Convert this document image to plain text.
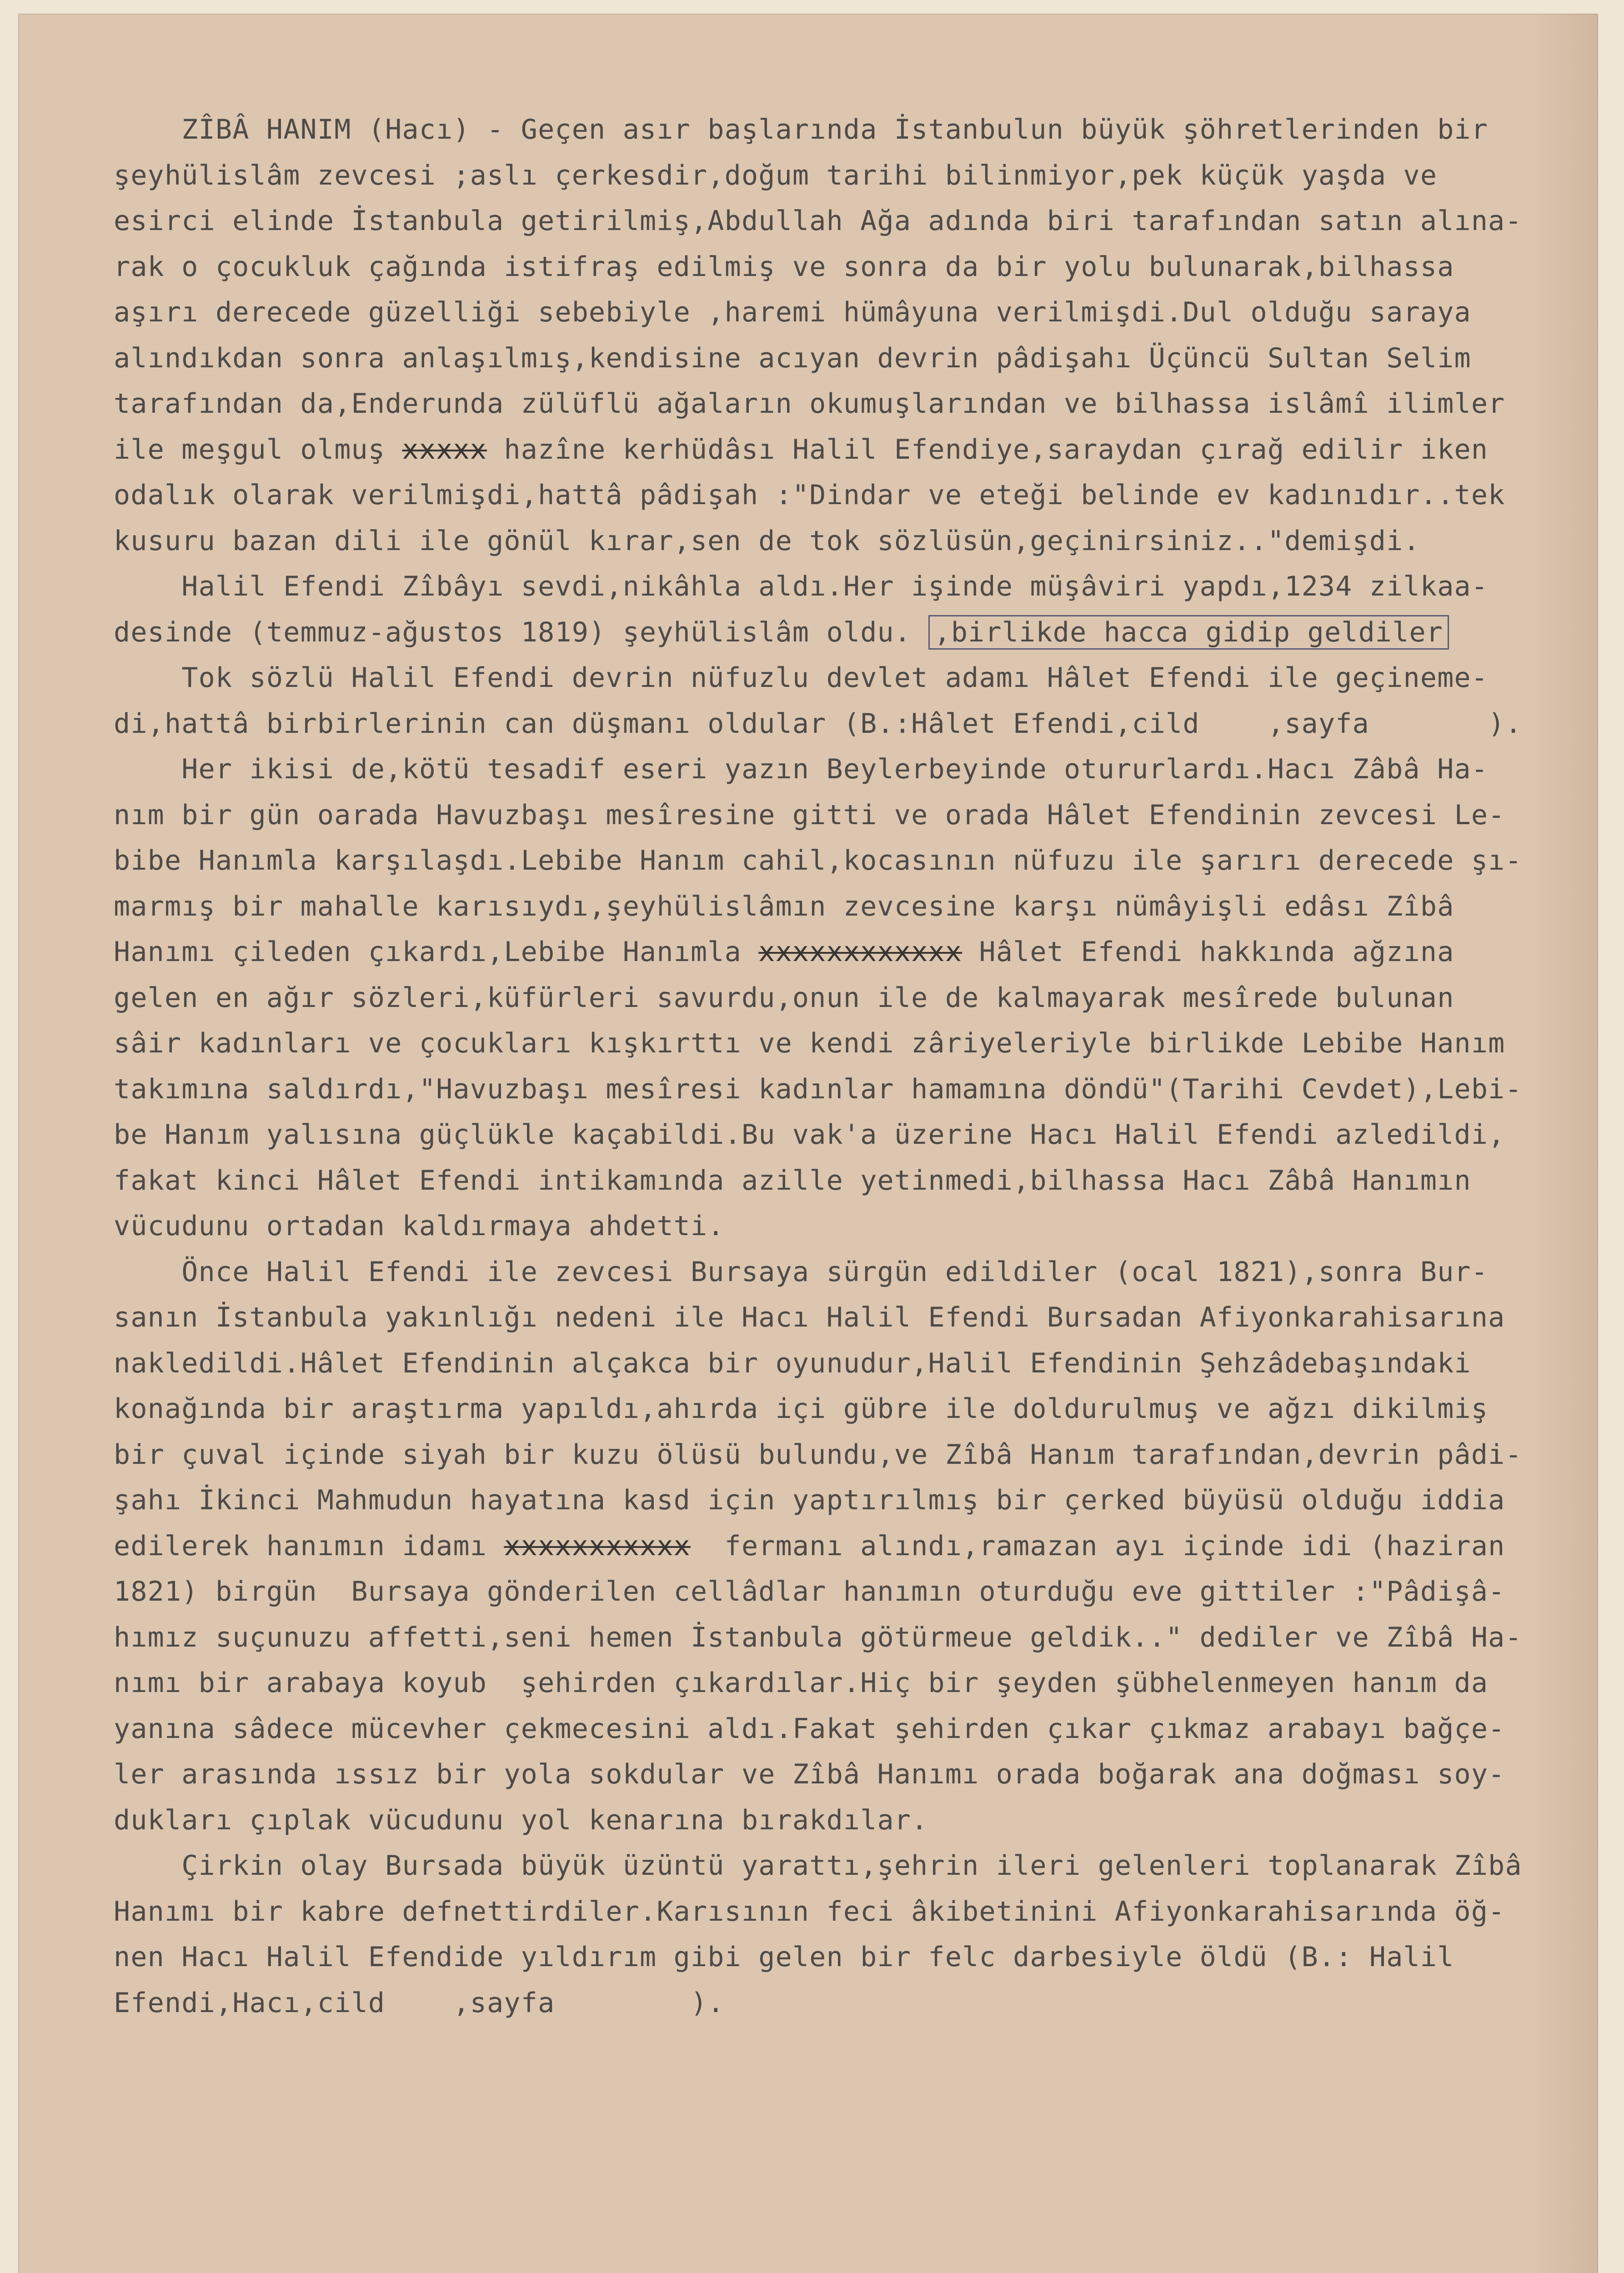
ZÎBÂ HANIM (Hacı) - Geçen asır başlarında İstanbulun büyük şöhretlerinden bir
şeyhülislâm zevcesi ;aslı çerkesdir,doğum tarihi bilinmiyor,pek küçük yaşda ve
esirci elinde İstanbula getirilmiş,Abdullah Ağa adında biri tarafından satın alına-
rak o çocukluk çağında istifraş edilmiş ve sonra da bir yolu bulunarak,bilhassa
aşırı derecede güzelliği sebebiyle ,haremi hümâyuna verilmişdi.Dul olduğu saraya
alındıkdan sonra anlaşılmış,kendisine acıyan devrin pâdişahı Üçüncü Sultan Selim
tarafından da,Enderunda zülüflü ağaların okumuşlarından ve bilhassa islâmî ilimler
ile meşgul olmuş xxxxx hazîne kerhüdâsı Halil Efendiye,saraydan çırağ edilir iken
odalık olarak verilmişdi,hattâ pâdişah :"Dindar ve eteği belinde ev kadınıdır..tek
kusuru bazan dili ile gönül kırar,sen de tok sözlüsün,geçinirsiniz.."demişdi.
Halil Efendi Zîbâyı sevdi,nikâhla aldı.Her işinde müşâviri yapdı,1234 zilkaa-
desinde (temmuz-ağustos 1819) şeyhülislâm oldu. ,birlikde hacca gidip geldiler
Tok sözlü Halil Efendi devrin nüfuzlu devlet adamı Hâlet Efendi ile geçineme-
di,hattâ birbirlerinin can düşmanı oldular (B.:Hâlet Efendi,cild    ,sayfa       ).
Her ikisi de,kötü tesadif eseri yazın Beylerbeyinde otururlardı.Hacı Zâbâ Ha-
nım bir gün oarada Havuzbaşı mesîresine gitti ve orada Hâlet Efendinin zevcesi Le-
bibe Hanımla karşılaşdı.Lebibe Hanım cahil,kocasının nüfuzu ile şarırı derecede şı-
marmış bir mahalle karısıydı,şeyhülislâmın zevcesine karşı nümâyişli edâsı Zîbâ
Hanımı çileden çıkardı,Lebibe Hanımla xxxxxxxxxxxx Hâlet Efendi hakkında ağzına
gelen en ağır sözleri,küfürleri savurdu,onun ile de kalmayarak mesîrede bulunan
sâir kadınları ve çocukları kışkırttı ve kendi zâriyeleriyle birlikde Lebibe Hanım
takımına saldırdı,"Havuzbaşı mesîresi kadınlar hamamına döndü"(Tarihi Cevdet),Lebi-
be Hanım yalısına güçlükle kaçabildi.Bu vak'a üzerine Hacı Halil Efendi azledildi,
fakat kinci Hâlet Efendi intikamında azille yetinmedi,bilhassa Hacı Zâbâ Hanımın
vücudunu ortadan kaldırmaya ahdetti.
Önce Halil Efendi ile zevcesi Bursaya sürgün edildiler (ocal 1821),sonra Bur-
sanın İstanbula yakınlığı nedeni ile Hacı Halil Efendi Bursadan Afiyonkarahisarına
nakledildi.Hâlet Efendinin alçakca bir oyunudur,Halil Efendinin Şehzâdebaşındaki
konağında bir araştırma yapıldı,ahırda içi gübre ile doldurulmuş ve ağzı dikilmiş
bir çuval içinde siyah bir kuzu ölüsü bulundu,ve Zîbâ Hanım tarafından,devrin pâdi-
şahı İkinci Mahmudun hayatına kasd için yaptırılmış bir çerked büyüsü olduğu iddia
edilerek hanımın idamı xxxxxxxxxxx  fermanı alındı,ramazan ayı içinde idi (haziran
1821) birgün  Bursaya gönderilen cellâdlar hanımın oturduğu eve gittiler :"Pâdişâ-
hımız suçunuzu affetti,seni hemen İstanbula götürmeue geldik.." dediler ve Zîbâ Ha-
nımı bir arabaya koyub  şehirden çıkardılar.Hiç bir şeyden şübhelenmeyen hanım da
yanına sâdece mücevher çekmecesini aldı.Fakat şehirden çıkar çıkmaz arabayı bağçe-
ler arasında ıssız bir yola sokdular ve Zîbâ Hanımı orada boğarak ana doğması soy-
dukları çıplak vücudunu yol kenarına bırakdılar.
Çirkin olay Bursada büyük üzüntü yarattı,şehrin ileri gelenleri toplanarak Zîbâ
Hanımı bir kabre defnettirdiler.Karısının feci âkibetinini Afiyonkarahisarında öğ-
nen Hacı Halil Efendide yıldırım gibi gelen bir felc darbesiyle öldü (B.: Halil
Efendi,Hacı,cild    ,sayfa        ).
